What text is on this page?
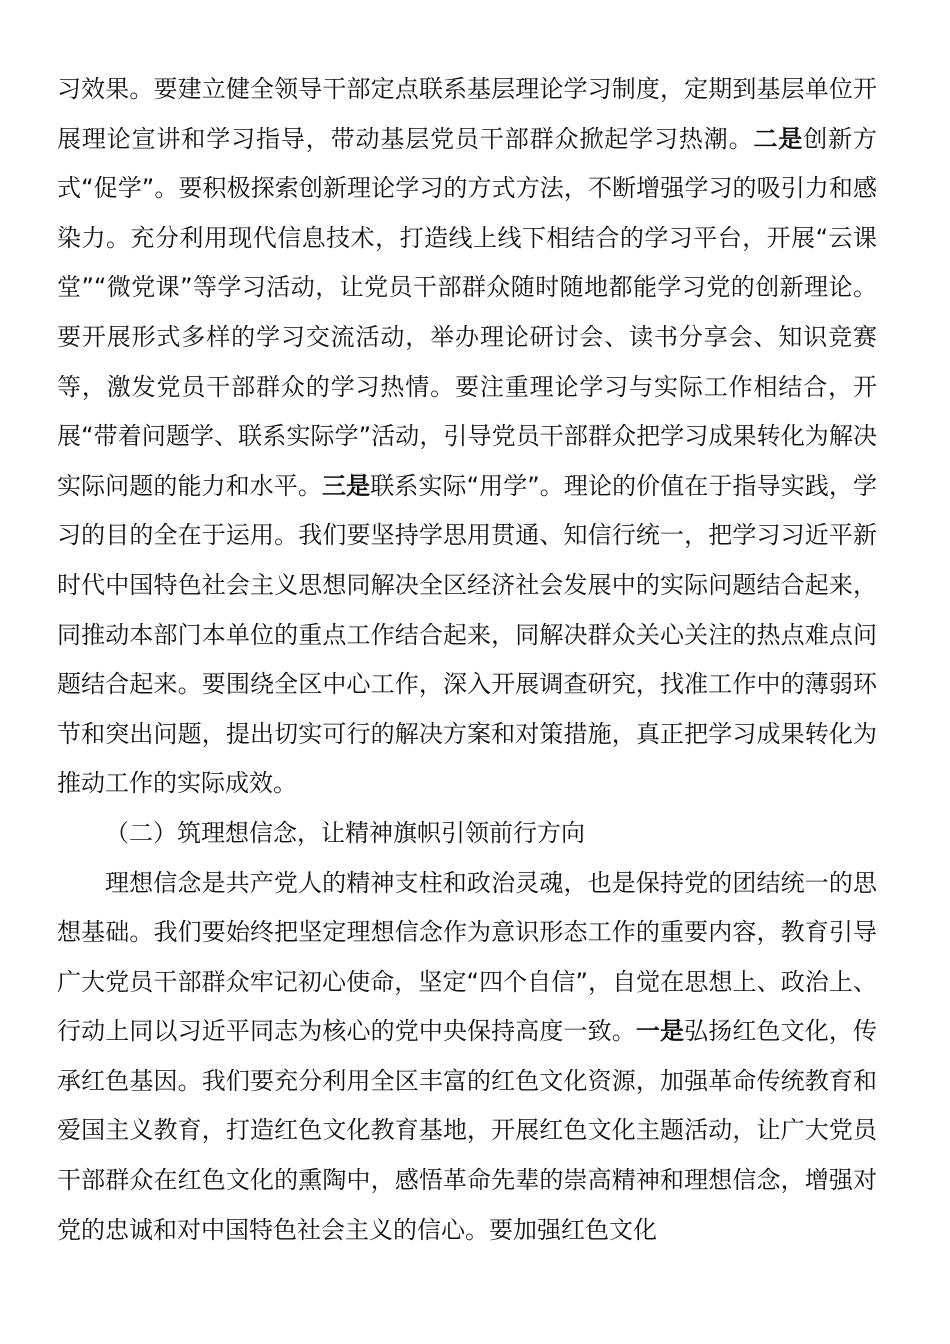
习效果。要建立健全领导干部定点联系基层理论学习制度，定期到基层单位开展理论宣讲和学习指导，带动基层党员干部群众掀起学习热潮。二是创新方式“促学”。要积极探索创新理论学习的方式方法，不断增强学习的吸引力和感染力。充分利用现代信息技术，打造线上线下相结合的学习平台，开展“云课堂”“微党课”等学习活动，让党员干部群众随时随地都能学习党的创新理论。要开展形式多样的学习交流活动，举办理论研讨会、读书分享会、知识竞赛等，激发党员干部群众的学习热情。要注重理论学习与实际工作相结合，开展“带着问题学、联系实际学”活动，引导党员干部群众把学习成果转化为解决实际问题的能力和水平。三是联系实际“用学”。理论的价值在于指导实践，学习的目的全在于运用。我们要坚持学思用贯通、知信行统一，把学习习近平新时代中国特色社会主义思想同解决全区经济社会发展中的实际问题结合起来，同推动本部门本单位的重点工作结合起来，同解决群众关心关注的热点难点问题结合起来。要围绕全区中心工作，深入开展调查研究，找准工作中的薄弱环节和突出问题，提出切实可行的解决方案和对策措施，真正把学习成果转化为推动工作的实际成效。

（二）筑理想信念，让精神旗帜引领前行方向

理想信念是共产党人的精神支柱和政治灵魂，也是保持党的团结统一的思想基础。我们要始终把坚定理想信念作为意识形态工作的重要内容，教育引导广大党员干部群众牢记初心使命，坚定“四个自信”，自觉在思想上、政治上、行动上同以习近平同志为核心的党中央保持高度一致。一是弘扬红色文化，传承红色基因。我们要充分利用全区丰富的红色文化资源，加强革命传统教育和爱国主义教育，打造红色文化教育基地，开展红色文化主题活动，让广大党员干部群众在红色文化的熏陶中，感悟革命先辈的崇高精神和理想信念，增强对党的忠诚和对中国特色社会主义的信心。要加强红色文化
